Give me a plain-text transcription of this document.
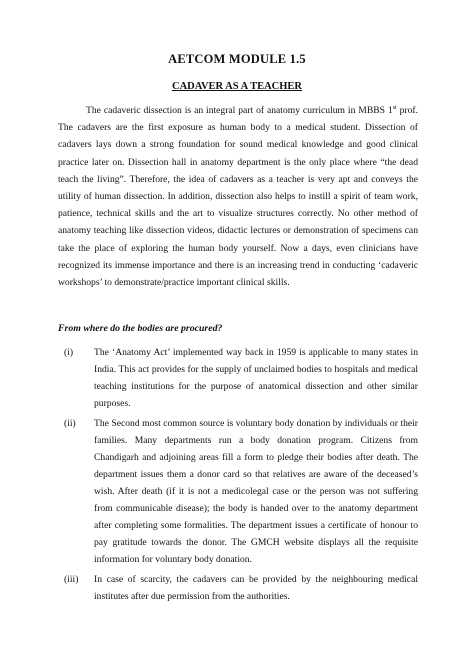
AETCOM MODULE 1.5
CADAVER AS A TEACHER

The cadaveric dissection is an integral part of anatomy curriculum in MBBS 1st prof. The cadavers are the first exposure as human body to a medical student. Dissection of cadavers lays down a strong foundation for sound medical knowledge and good clinical practice later on. Dissection hall in anatomy department is the only place where “the dead teach the living”. Therefore, the idea of cadavers as a teacher is very apt and conveys the utility of human dissection. In addition, dissection also helps to instill a spirit of team work, patience, technical skills and the art to visualize structures correctly. No other method of anatomy teaching like dissection videos, didactic lectures or demonstration of specimens can take the place of exploring the human body yourself. Now a days, even clinicians have recognized its immense importance and there is an increasing trend in conducting ‘cadaveric workshops’ to demonstrate/practice important clinical skills.

From where do the bodies are procured?
(i)	The ‘Anatomy Act’ implemented way back in 1959 is applicable to many states in India. This act provides for the supply of unclaimed bodies to hospitals and medical teaching institutions for the purpose of anatomical dissection and other similar purposes.

(ii)	The Second most common source is voluntary body donation by individuals or their families. Many departments run a body donation program. Citizens from Chandigarh and adjoining areas fill a form to pledge their bodies after death. The department issues them a donor card so that relatives are aware of the deceased’s wish. After death (if it is not a medicolegal case or the person was not suffering from communicable disease); the body is handed over to the anatomy department after completing some formalities. The department issues a certificate of honour to pay gratitude towards the donor. The GMCH website displays all the requisite information for voluntary body donation.

(iii)	In case of scarcity, the cadavers can be provided by the neighbouring medical institutes after due permission from the authorities.
